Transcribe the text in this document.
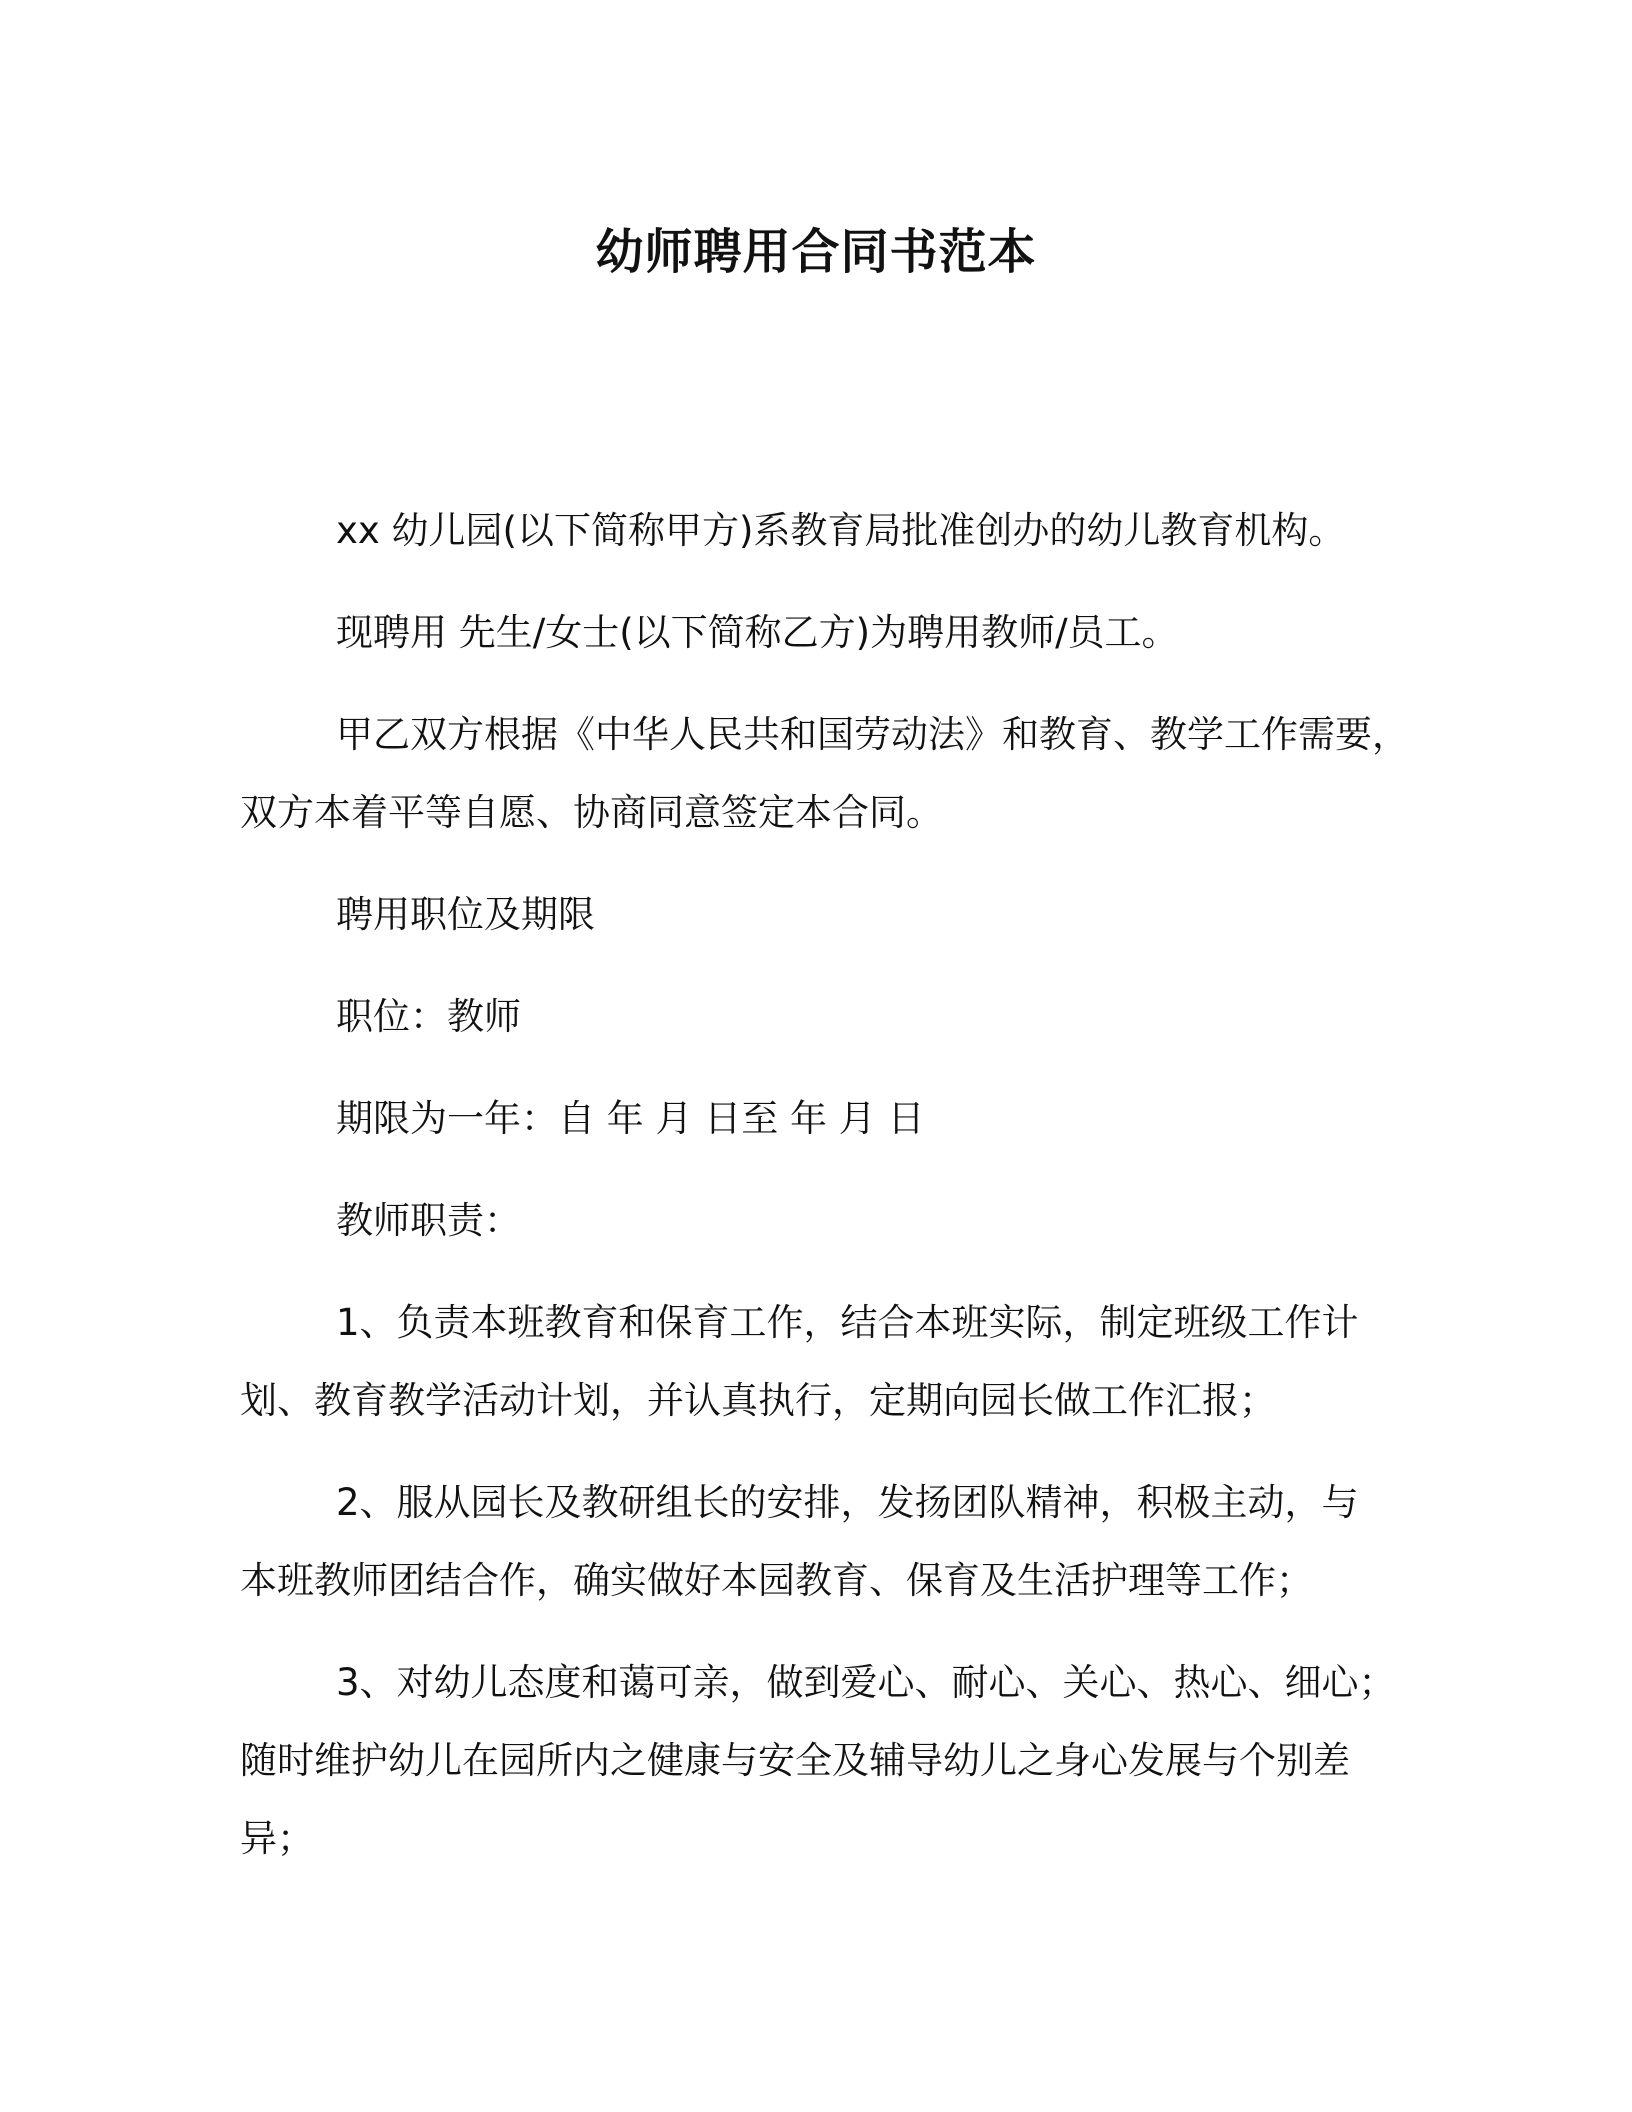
幼师聘用合同书范本
xx 幼儿园(以下简称甲方)系教育局批准创办的幼儿教育机构。
现聘用 先生/女士(以下简称乙方)为聘用教师/员工。
甲乙双方根据《中华人民共和国劳动法》和教育、教学工作需要，
双方本着平等自愿、协商同意签定本合同。
聘用职位及期限
职位：教师
期限为一年：自 年 月 日至 年 月 日
教师职责：
1、负责本班教育和保育工作，结合本班实际，制定班级工作计
划、教育教学活动计划，并认真执行，定期向园长做工作汇报；
2、服从园长及教研组长的安排，发扬团队精神，积极主动，与
本班教师团结合作，确实做好本园教育、保育及生活护理等工作；
3、对幼儿态度和蔼可亲，做到爱心、耐心、关心、热心、细心；
随时维护幼儿在园所内之健康与安全及辅导幼儿之身心发展与个别差
异；
